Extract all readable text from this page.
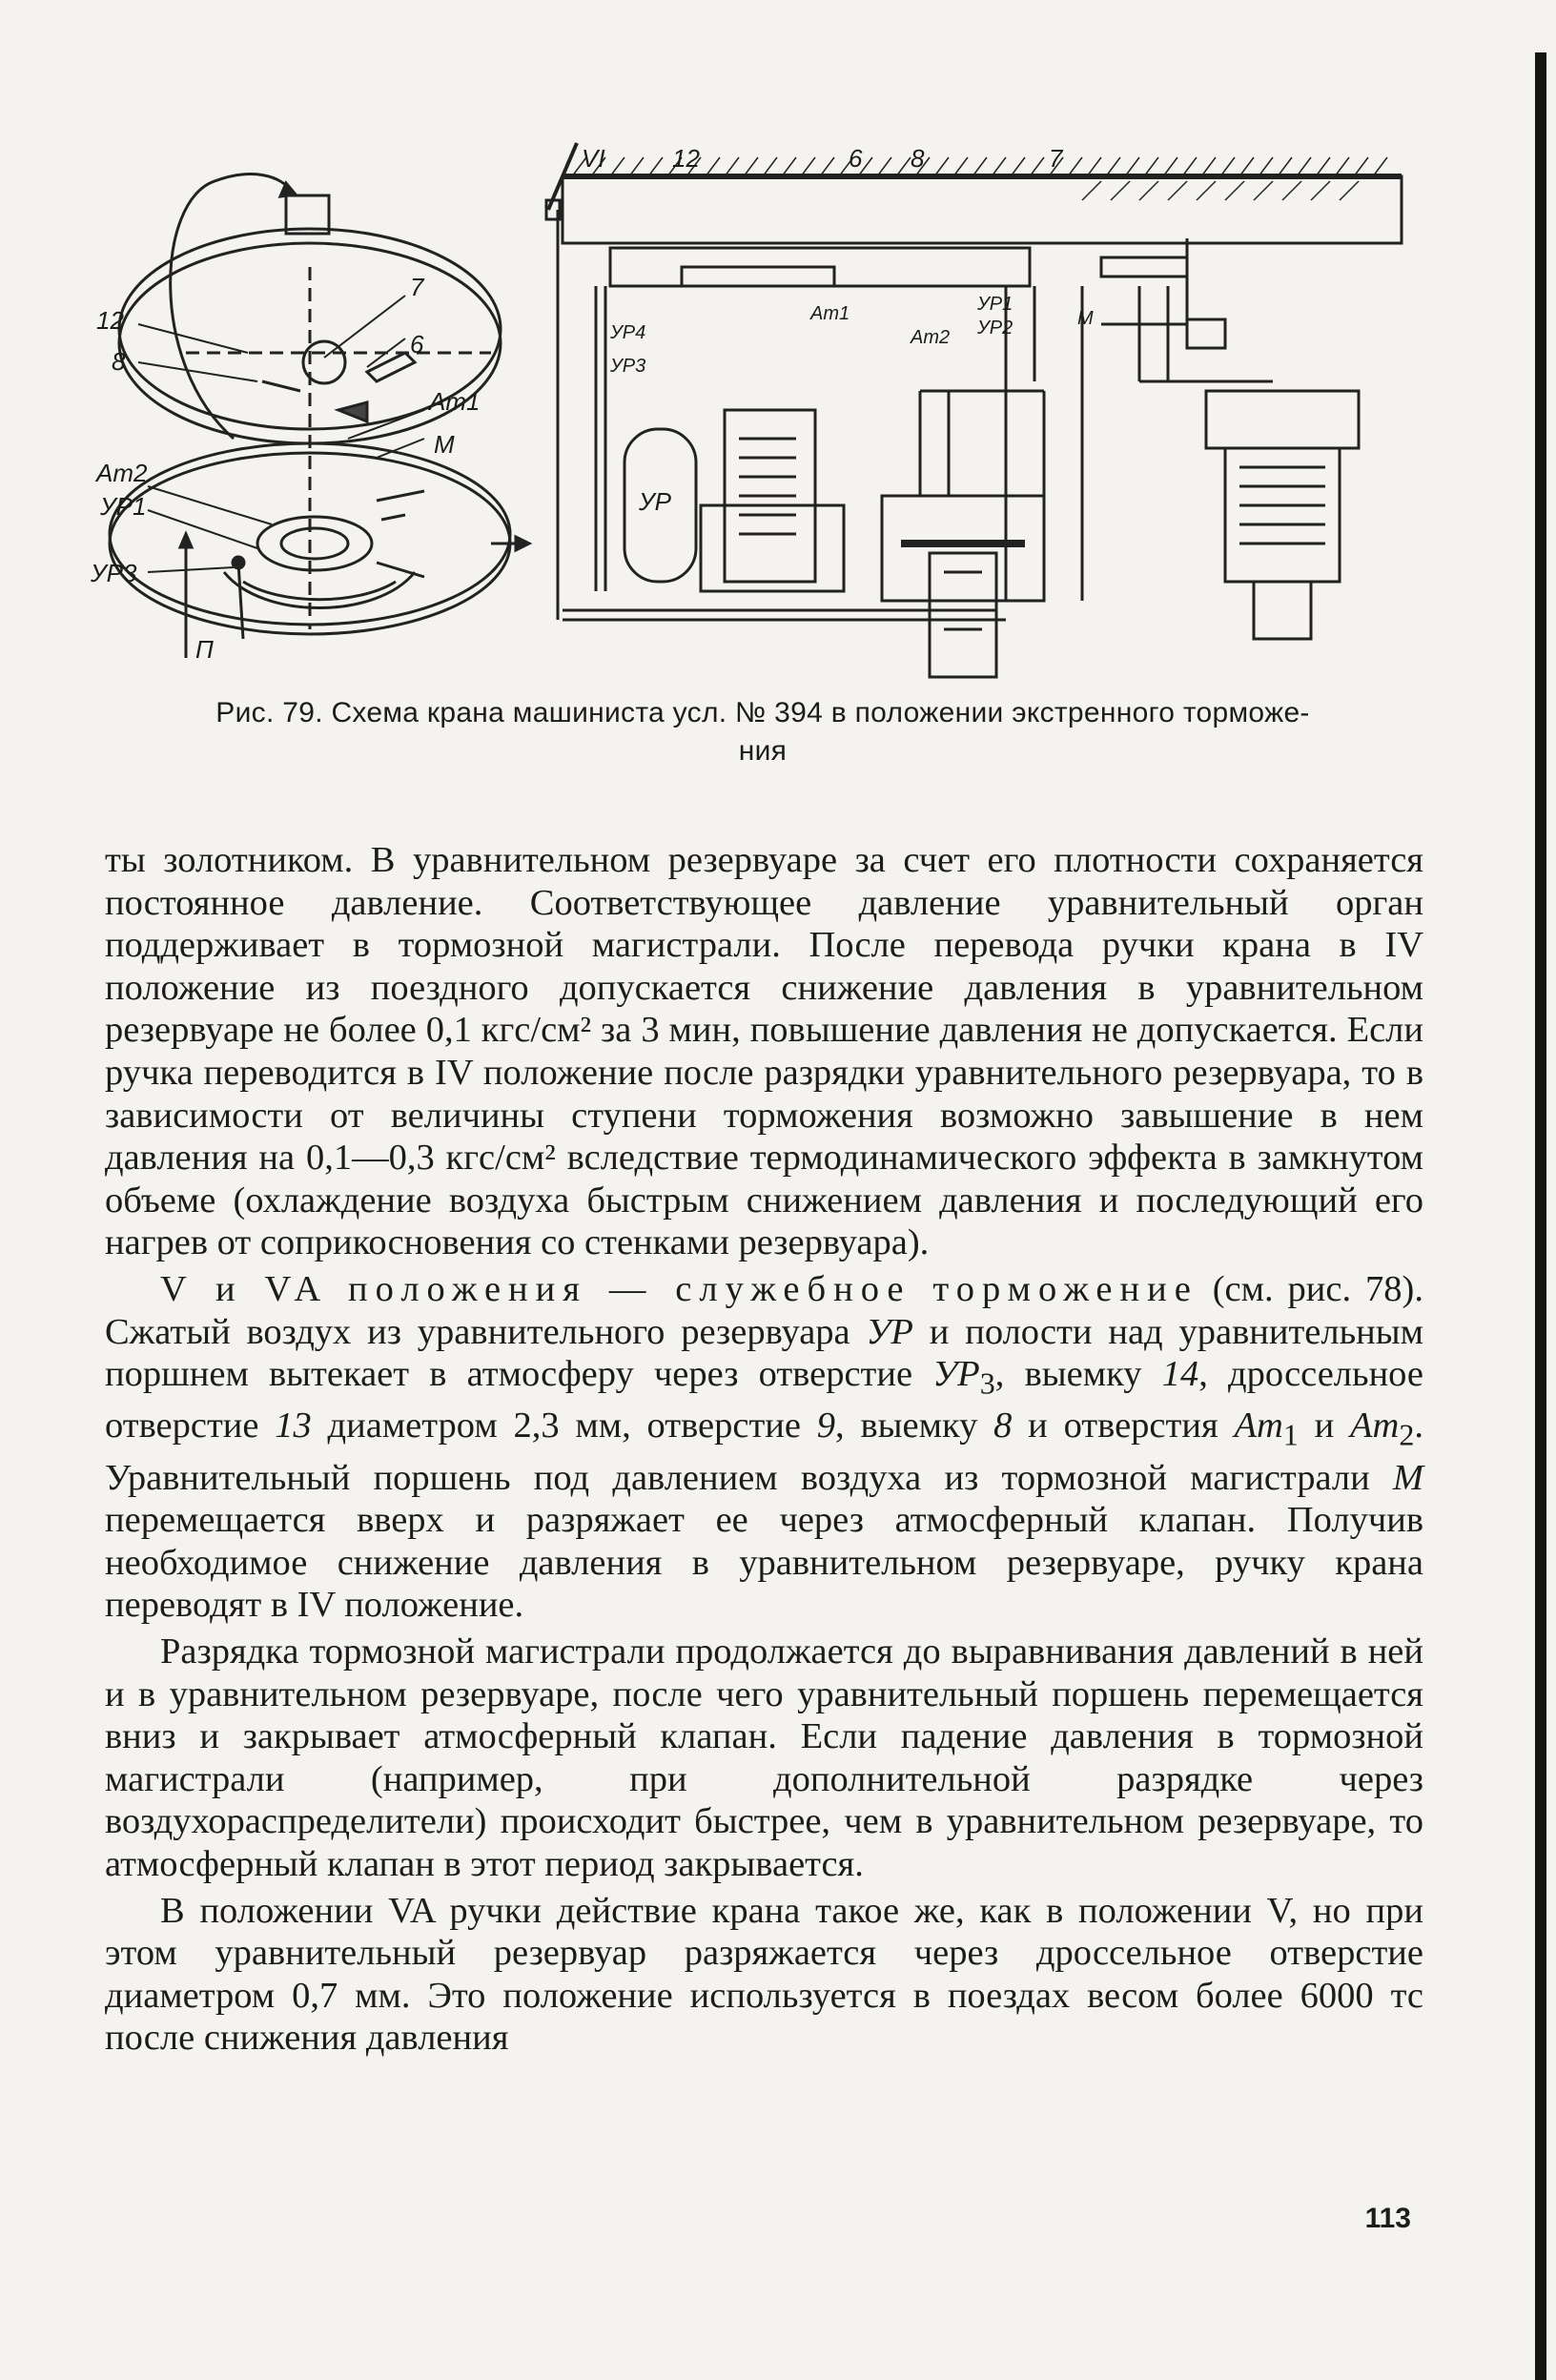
12
8
Ат2
УР1
УР3
П
7
6
Ат1
М
VI	12	6 8	7
УР4
УР3
Ат1
Ат2
УР1
УР2	М
УР
Рис. 79. Схема крана машиниста усл. № 394 в положении экстренного торможе-
ния

ты золотником. В уравнительном резервуаре за счет его плотности сохраняется постоянное давление. Соответствующее давление уравнительный орган поддерживает в тормозной магистрали. После перевода ручки крана в IV положение из поездного допускается снижение давления в уравнительном резервуаре не более 0,1 кгс/см² за 3 мин, повышение давления не допускается. Если ручка переводится в IV положение после разрядки уравнительного резервуара, то в зависимости от величины ступени торможения возможно завышение в нем давления на 0,1—0,3 кгс/см² вследствие термодинамического эффекта в замкнутом объеме (охлаждение воздуха быстрым снижением давления и последующий его нагрев от соприкосновения со стенками резервуара).

V и VA положения — служебное торможение (см. рис. 78). Сжатый воздух из уравнительного резервуара УР и полости над уравнительным поршнем вытекает в атмосферу через отверстие $УР_3$, выемку 14, дроссельное отверстие 13 диаметром 2,3 мм, отверстие 9, выемку 8 и отверстия $Ат_1$ и $Ат_2$. Уравнительный поршень под давлением воздуха из тормозной магистрали М перемещается вверх и разряжает ее через атмосферный клапан. Получив необходимое снижение давления в уравнительном резервуаре, ручку крана переводят в IV положение.

Разрядка тормозной магистрали продолжается до выравнивания давлений в ней и в уравнительном резервуаре, после чего уравнительный поршень перемещается вниз и закрывает атмосферный клапан. Если падение давления в тормозной магистрали (например, при дополнительной разрядке через воздухораспределители) происходит быстрее, чем в уравнительном резервуаре, то атмосферный клапан в этот период закрывается.

В положении VA ручки действие крана такое же, как в положении V, но при этом уравнительный резервуар разряжается через дроссельное отверстие диаметром 0,7 мм. Это положение используется в поездах весом более 6000 тс после снижения давления

113
